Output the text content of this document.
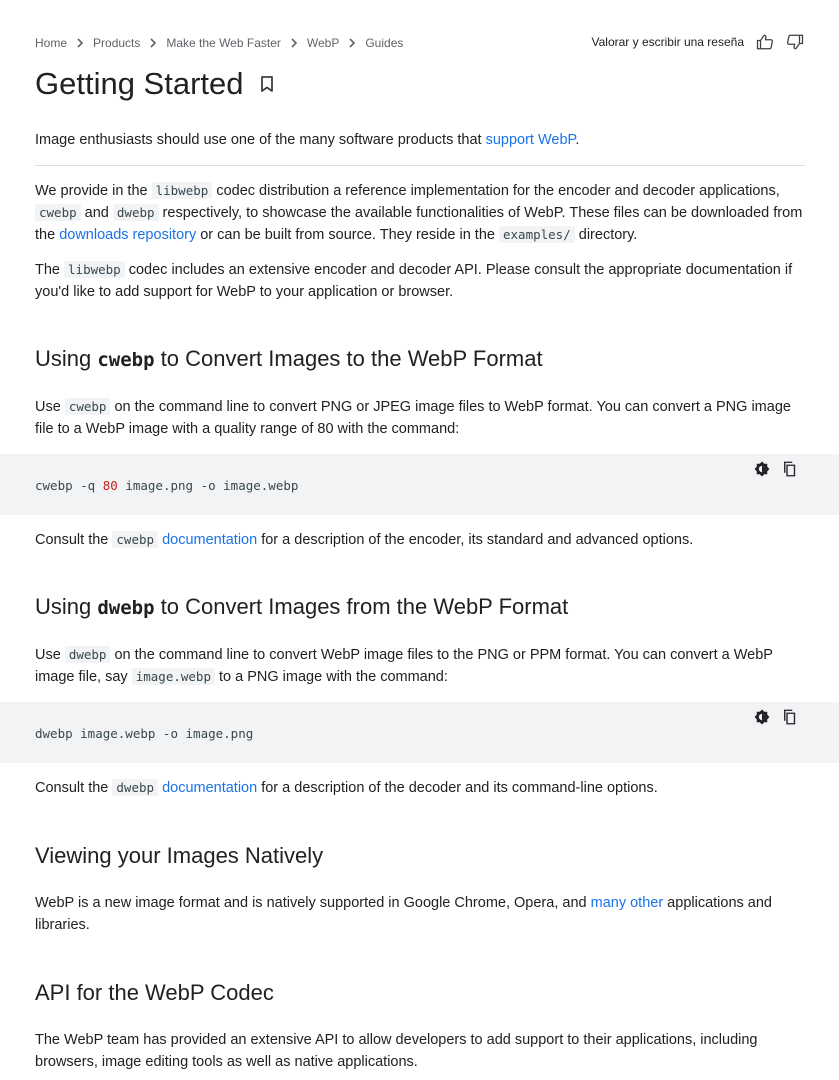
Home Products Make the Web Faster WebP Guides	Valorar y escribir una reseña
Getting Started

Image enthusiasts should use one of the many software products that support WebP.

We provide in the libwebp codec distribution a reference implementation for the encoder and decoder applications, cwebp and dwebp respectively, to showcase the available functionalities of WebP. These files can be downloaded from the downloads repository or can be built from source. They reside in the examples/ directory.

The libwebp codec includes an extensive encoder and decoder API. Please consult the appropriate documentation if you'd like to add support for WebP to your application or browser.

Using cwebp to Convert Images to the WebP Format

Use cwebp on the command line to convert PNG or JPEG image files to WebP format. You can convert a PNG image file to a WebP image with a quality range of 80 with the command:

cwebp -q 80 image.png -o image.webp

Consult the cwebp documentation for a description of the encoder, its standard and advanced options.

Using dwebp to Convert Images from the WebP Format

Use dwebp on the command line to convert WebP image files to the PNG or PPM format. You can convert a WebP image file, say image.webp to a PNG image with the command:

dwebp image.webp -o image.png

Consult the dwebp documentation for a description of the decoder and its command-line options.

Viewing your Images Natively

WebP is a new image format and is natively supported in Google Chrome, Opera, and many other applications and libraries.

API for the WebP Codec

The WebP team has provided an extensive API to allow developers to add support to their applications, including browsers, image editing tools as well as native applications.
